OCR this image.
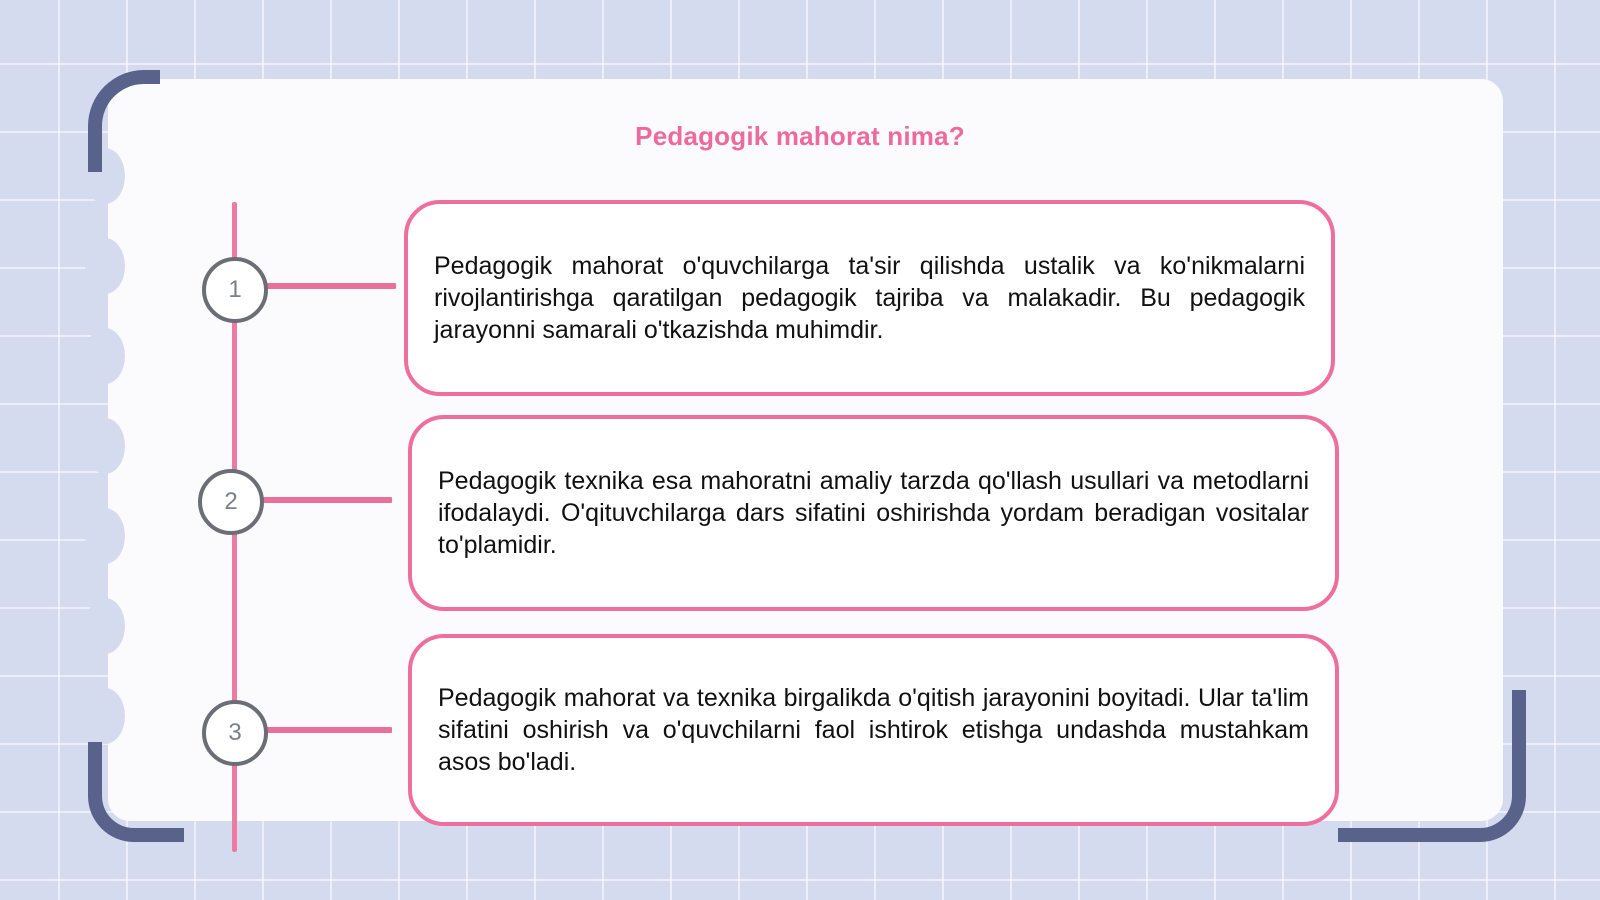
Pedagogik mahorat nima?
1

Pedagogik mahorat o'quvchilarga ta'sir qilishda ustalik va ko'nikmalarni rivojlantirishga qaratilgan pedagogik tajriba va malakadir. Bu pedagogik jarayonni samarali o'tkazishda muhimdir.

2

Pedagogik texnika esa mahoratni amaliy tarzda qo'llash usullari va metodlarni ifodalaydi. O'qituvchilarga dars sifatini oshirishda yordam beradigan vositalar to'plamidir.

3

Pedagogik mahorat va texnika birgalikda o'qitish jarayonini boyitadi. Ular ta'lim sifatini oshirish va o'quvchilarni faol ishtirok etishga undashda mustahkam asos bo'ladi.
